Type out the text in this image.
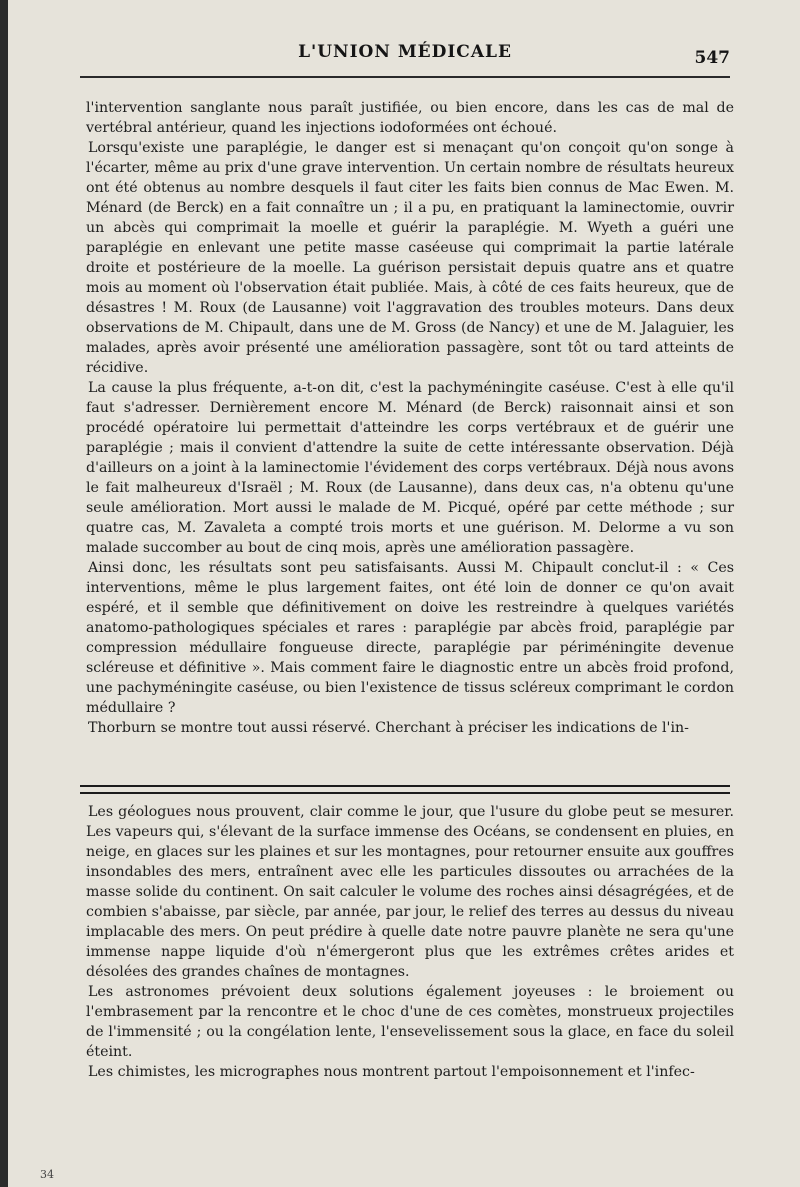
L'UNION MÉDICALE	547

l'intervention sanglante nous paraît justifiée, ou bien encore, dans les cas de mal de vertébral antérieur, quand les injections iodoformées ont échoué.

Lorsqu'existe une paraplégie, le danger est si menaçant qu'on conçoit qu'on songe à l'écarter, même au prix d'une grave intervention. Un certain nombre de résultats heureux ont été obtenus au nombre desquels il faut citer les faits bien connus de Mac Ewen. M. Ménard (de Berck) en a fait connaître un ; il a pu, en pratiquant la laminectomie, ouvrir un abcès qui comprimait la moelle et guérir la paraplégie. M. Wyeth a guéri une paraplégie en enlevant une petite masse caséeuse qui comprimait la partie latérale droite et postérieure de la moelle. La guérison persistait depuis quatre ans et quatre mois au moment où l'observation était publiée. Mais, à côté de ces faits heureux, que de désastres ! M. Roux (de Lausanne) voit l'aggravation des troubles moteurs. Dans deux observations de M. Chipault, dans une de M. Gross (de Nancy) et une de M. Jalaguier, les malades, après avoir présenté une amélioration passagère, sont tôt ou tard atteints de récidive.

La cause la plus fréquente, a-t-on dit, c'est la pachyméningite caséuse. C'est à elle qu'il faut s'adresser. Dernièrement encore M. Ménard (de Berck) raisonnait ainsi et son procédé opératoire lui permettait d'atteindre les corps vertébraux et de guérir une paraplégie ; mais il convient d'attendre la suite de cette intéressante observation. Déjà d'ailleurs on a joint à la laminectomie l'évidement des corps vertébraux. Déjà nous avons le fait malheureux d'Israël ; M. Roux (de Lausanne), dans deux cas, n'a obtenu qu'une seule amélioration. Mort aussi le malade de M. Picqué, opéré par cette méthode ; sur quatre cas, M. Zavaleta a compté trois morts et une guérison. M. Delorme a vu son malade succomber au bout de cinq mois, après une amélioration passagère.

Ainsi donc, les résultats sont peu satisfaisants. Aussi M. Chipault conclut-il : « Ces interventions, même le plus largement faites, ont été loin de donner ce qu'on avait espéré, et il semble que définitivement on doive les restreindre à quelques variétés anatomo-pathologiques spéciales et rares : paraplégie par abcès froid, paraplégie par compression médullaire fongueuse directe, paraplégie par périméningite devenue scléreuse et définitive ». Mais comment faire le diagnostic entre un abcès froid profond, une pachyméningite caséuse, ou bien l'existence de tissus scléreux comprimant le cordon médullaire ?

Thorburn se montre tout aussi réservé. Cherchant à préciser les indications de l'in-

Les géologues nous prouvent, clair comme le jour, que l'usure du globe peut se mesurer. Les vapeurs qui, s'élevant de la surface immense des Océans, se condensent en pluies, en neige, en glaces sur les plaines et sur les montagnes, pour retourner ensuite aux gouffres insondables des mers, entraînent avec elle les particules dissoutes ou arrachées de la masse solide du continent. On sait calculer le volume des roches ainsi désagrégées, et de combien s'abaisse, par siècle, par année, par jour, le relief des terres au dessus du niveau implacable des mers. On peut prédire à quelle date notre pauvre planète ne sera qu'une immense nappe liquide d'où n'émergeront plus que les extrêmes crêtes arides et désolées des grandes chaînes de montagnes.

Les astronomes prévoient deux solutions également joyeuses : le broiement ou l'embrasement par la rencontre et le choc d'une de ces comètes, monstrueux projectiles de l'immensité ; ou la congélation lente, l'ensevelissement sous la glace, en face du soleil éteint.

Les chimistes, les micrographes nous montrent partout l'empoisonnement et l'infec-

34
